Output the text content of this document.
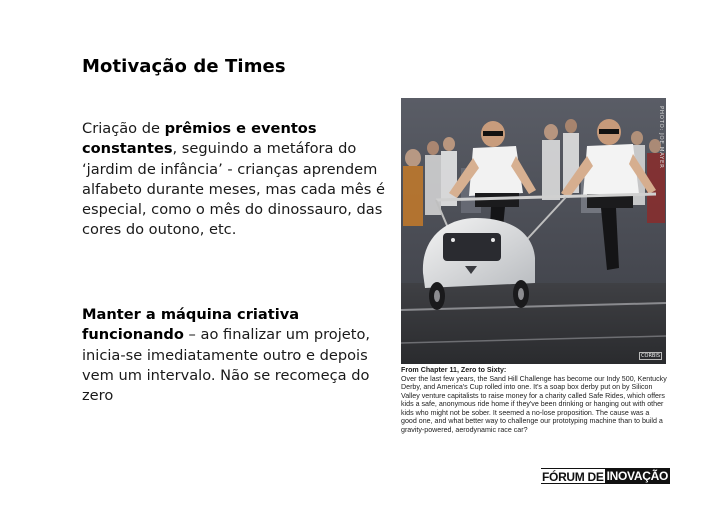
Motivação de Times
Criação de prêmios e eventos constantes, seguindo a metáfora do ‘jardim de infância’ - crianças aprendem alfabeto durante meses, mas cada mês é especial, como o mês do dinossauro, das cores do outono, etc.
Manter a máquina criativa funcionando – ao finalizar um projeto, inicia-se imediatamente outro e depois vem um intervalo. Não se recomeça do zero
PHOTO: JOE MAYER
CORBIS
From Chapter 11, Zero to Sixty:
Over the last few years, the Sand Hill Challenge has become our Indy 500, Kentucky Derby, and America's Cup rolled into one. It's a soap box derby put on by Silicon Valley venture capitalists to raise money for a charity called Safe Rides, which offers kids a safe, anonymous ride home if they've been drinking or hanging out with other kids who might not be sober. It seemed a no-lose proposition. The cause was a good one, and what better way to challenge our prototyping machine than to build a gravity-powered, aerodynamic race car?
FÓRUM DE INOVAÇÃO
